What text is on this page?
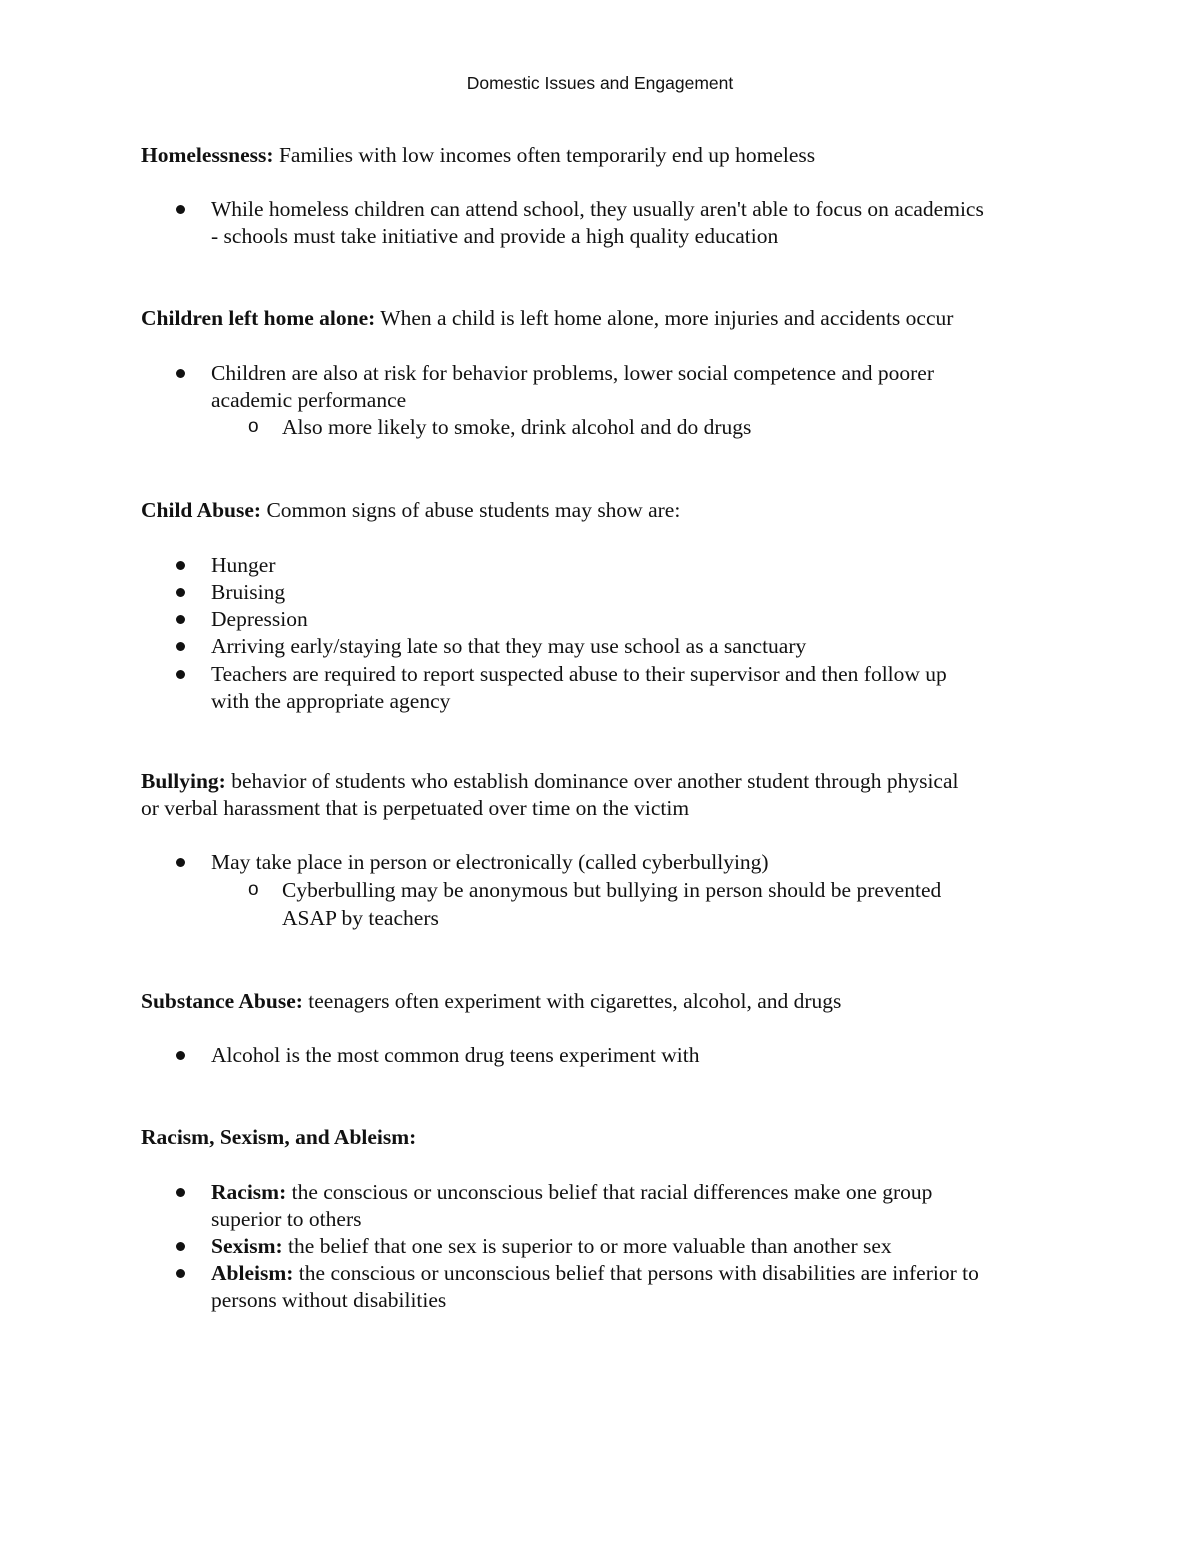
Domestic Issues and Engagement
Homelessness: Families with low incomes often temporarily end up homeless
While homeless children can attend school, they usually aren't able to focus on academics
- schools must take initiative and provide a high quality education
Children left home alone: When a child is left home alone, more injuries and accidents occur
Children are also at risk for behavior problems, lower social competence and poorer
academic performance
o Also more likely to smoke, drink alcohol and do drugs
Child Abuse: Common signs of abuse students may show are:
Hunger
Bruising
Depression
Arriving early/staying late so that they may use school as a sanctuary
Teachers are required to report suspected abuse to their supervisor and then follow up
with the appropriate agency
Bullying: behavior of students who establish dominance over another student through physical
or verbal harassment that is perpetuated over time on the victim
May take place in person or electronically (called cyberbullying)
o Cyberbulling may be anonymous but bullying in person should be prevented
ASAP by teachers
Substance Abuse: teenagers often experiment with cigarettes, alcohol, and drugs
Alcohol is the most common drug teens experiment with
Racism, Sexism, and Ableism:
Racism: the conscious or unconscious belief that racial differences make one group
superior to others
Sexism: the belief that one sex is superior to or more valuable than another sex
Ableism: the conscious or unconscious belief that persons with disabilities are inferior to
persons without disabilities
